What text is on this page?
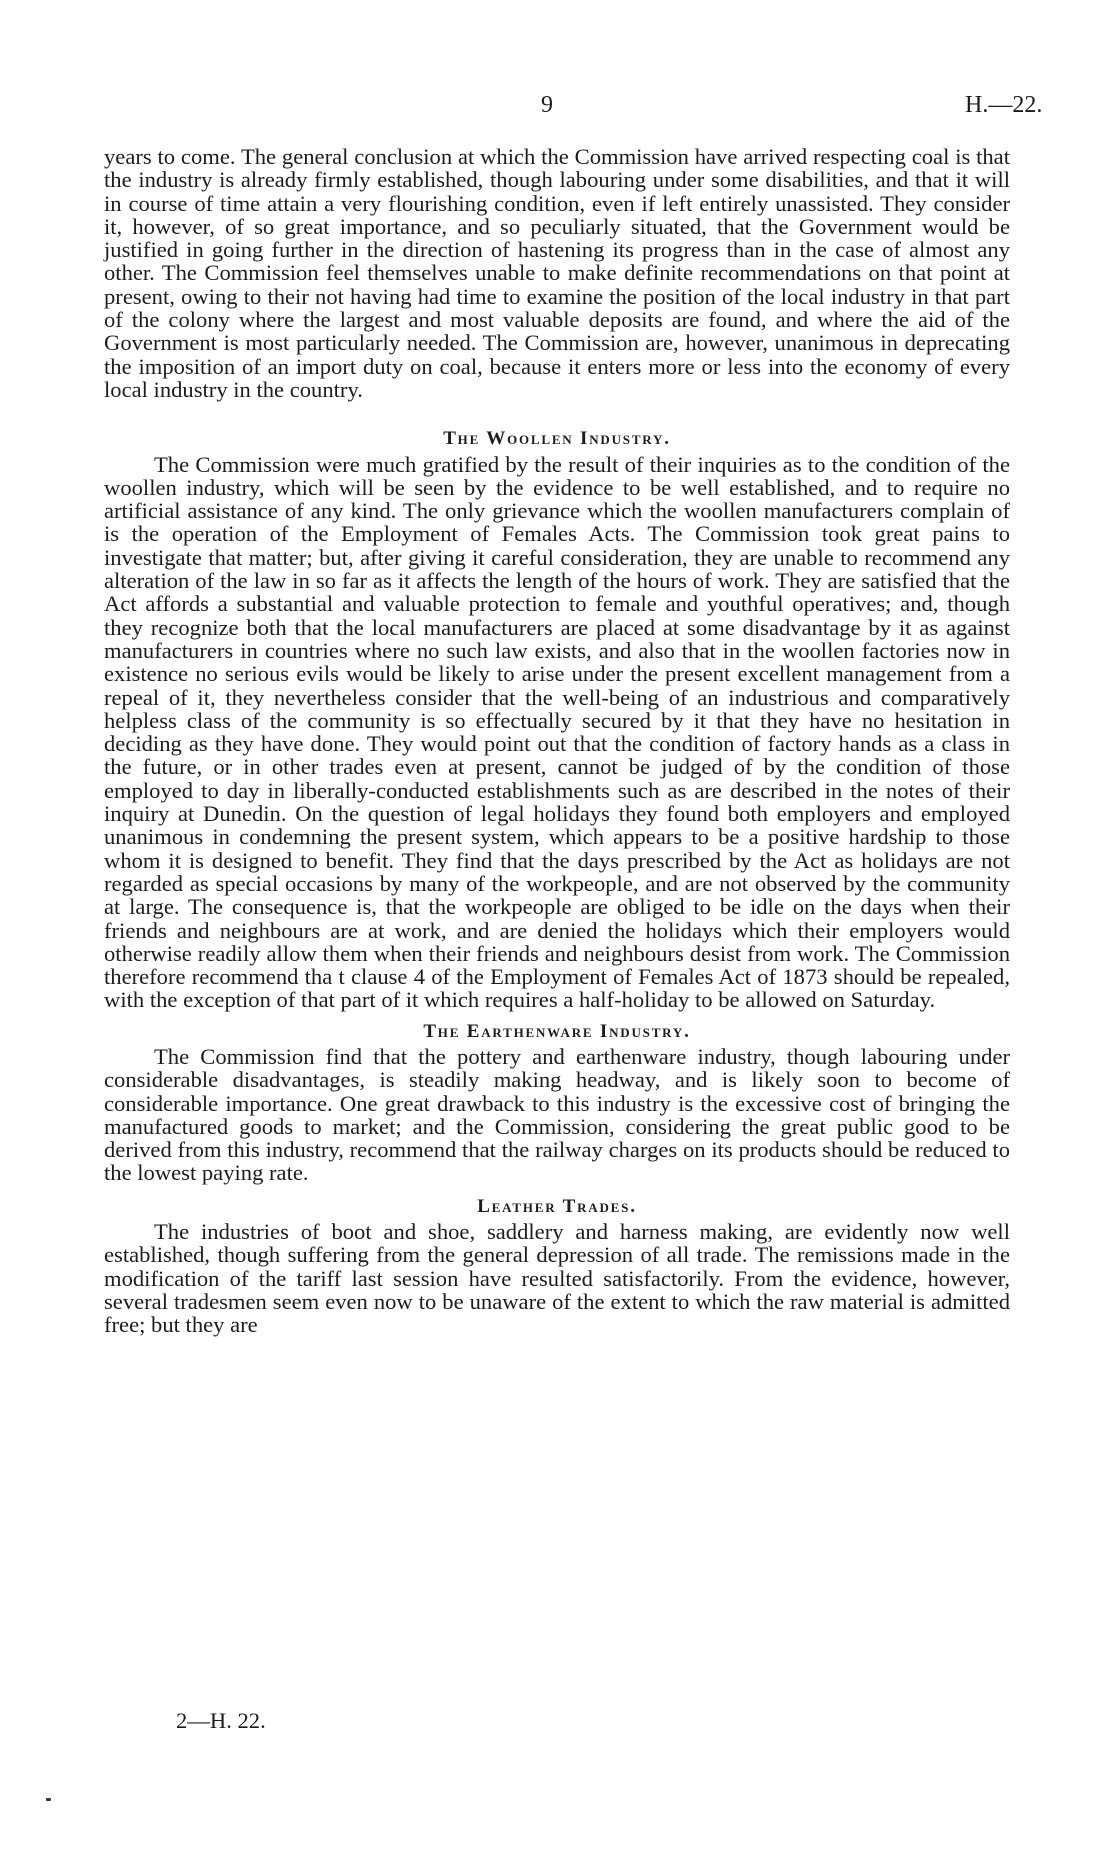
9	H.—22.

years to come. The general conclusion at which the Commission have arrived respecting coal is that the industry is already firmly established, though labouring under some disabilities, and that it will in course of time attain a very flourishing condition, even if left entirely unassisted. They consider it, however, of so great importance, and so peculiarly situated, that the Government would be justified in going further in the direction of hastening its progress than in the case of almost any other. The Commission feel themselves unable to make definite recommendations on that point at present, owing to their not having had time to examine the position of the local industry in that part of the colony where the largest and most valuable deposits are found, and where the aid of the Government is most particularly needed. The Commission are, however, unanimous in deprecating the imposition of an import duty on coal, because it enters more or less into the economy of every local industry in the country.

The Woollen Industry.

The Commission were much gratified by the result of their inquiries as to the condition of the woollen industry, which will be seen by the evidence to be well established, and to require no artificial assistance of any kind. The only grievance which the woollen manufacturers complain of is the operation of the Employment of Females Acts. The Commission took great pains to investigate that matter; but, after giving it careful consideration, they are unable to recommend any alteration of the law in so far as it affects the length of the hours of work. They are satisfied that the Act affords a substantial and valuable protection to female and youthful operatives; and, though they recognize both that the local manufacturers are placed at some disadvantage by it as against manufacturers in countries where no such law exists, and also that in the woollen factories now in existence no serious evils would be likely to arise under the present excellent management from a repeal of it, they nevertheless consider that the well-being of an industrious and comparatively helpless class of the community is so effectually secured by it that they have no hesitation in deciding as they have done. They would point out that the condition of factory hands as a class in the future, or in other trades even at present, cannot be judged of by the condition of those employed to day in liberally-conducted establishments such as are described in the notes of their inquiry at Dunedin. On the question of legal holidays they found both employers and employed unanimous in condemning the present system, which appears to be a positive hardship to those whom it is designed to benefit. They find that the days prescribed by the Act as holidays are not regarded as special occasions by many of the workpeople, and are not observed by the community at large. The consequence is, that the workpeople are obliged to be idle on the days when their friends and neighbours are at work, and are denied the holidays which their employers would otherwise readily allow them when their friends and neighbours desist from work. The Commission therefore recommend tha t clause 4 of the Employment of Females Act of 1873 should be repealed, with the exception of that part of it which requires a half-holiday to be allowed on Saturday.

The Earthenware Industry.

The Commission find that the pottery and earthenware industry, though labouring under considerable disadvantages, is steadily making headway, and is likely soon to become of considerable importance. One great drawback to this industry is the excessive cost of bringing the manufactured goods to market; and the Commission, considering the great public good to be derived from this industry, recommend that the railway charges on its products should be reduced to the lowest paying rate.

Leather Trades.

The industries of boot and shoe, saddlery and harness making, are evidently now well established, though suffering from the general depression of all trade. The remissions made in the modification of the tariff last session have resulted satisfactorily. From the evidence, however, several tradesmen seem even now to be unaware of the extent to which the raw material is admitted free; but they are

2—H. 22.
